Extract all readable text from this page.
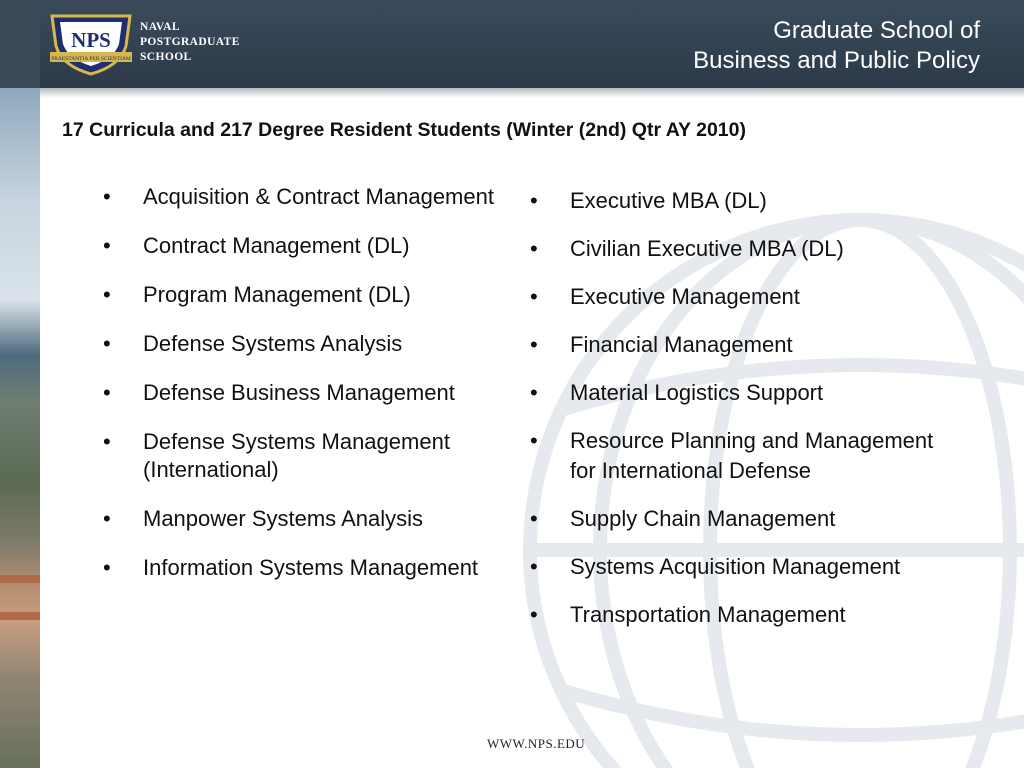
NPS
PRAESTANTIA PER SCIENTIAM
NAVAL
POSTGRADUATE
SCHOOL
Graduate School of
Business and Public Policy
17 Curricula and 217 Degree Resident Students (Winter (2nd) Qtr AY 2010)
• Acquisition & Contract Management
• Contract Management (DL)
• Program Management (DL)
• Defense Systems Analysis
• Defense Business Management
• Defense Systems Management (International)
• Manpower Systems Analysis
• Information Systems Management
• Executive MBA (DL)
• Civilian Executive MBA (DL)
• Executive Management
• Financial Management
• Material Logistics Support
• Resource Planning and Management for International Defense
• Supply Chain Management
• Systems Acquisition Management
• Transportation Management
WWW.NPS.EDU
